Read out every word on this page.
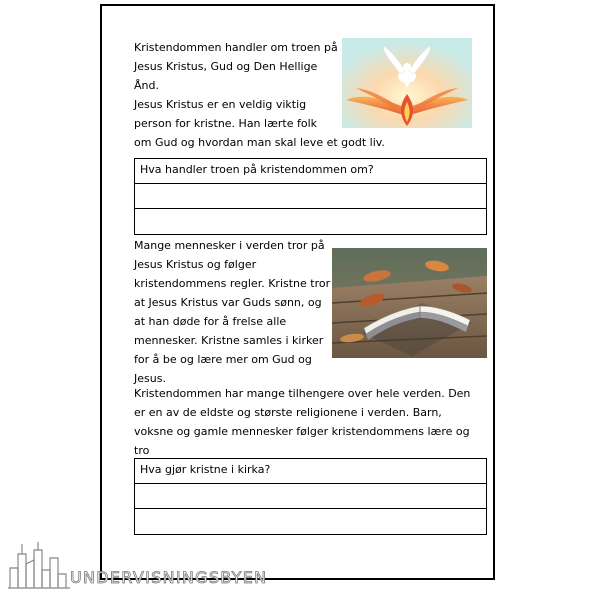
Kristendommen handler om troen på
Jesus Kristus, Gud og Den Hellige
Ånd.

Jesus Kristus er en veldig viktig
person for kristne. Han lærte folk
om Gud og hvordan man skal leve et godt liv.

Hva handler troen på kristendommen om?

Mange mennesker i verden tror på
Jesus Kristus og følger
kristendommens regler. Kristne tror
at Jesus Kristus var Guds sønn, og
at han døde for å frelse alle
mennesker. Kristne samles i kirker
for å be og lære mer om Gud og
Jesus.

Kristendommen har mange tilhengere over hele verden. Den
er en av de eldste og største religionene i verden. Barn,
voksne og gamle mennesker følger kristendommens lære og
tro

Hva gjør kristne i kirka?
UNDERVISNINGSBYEN
